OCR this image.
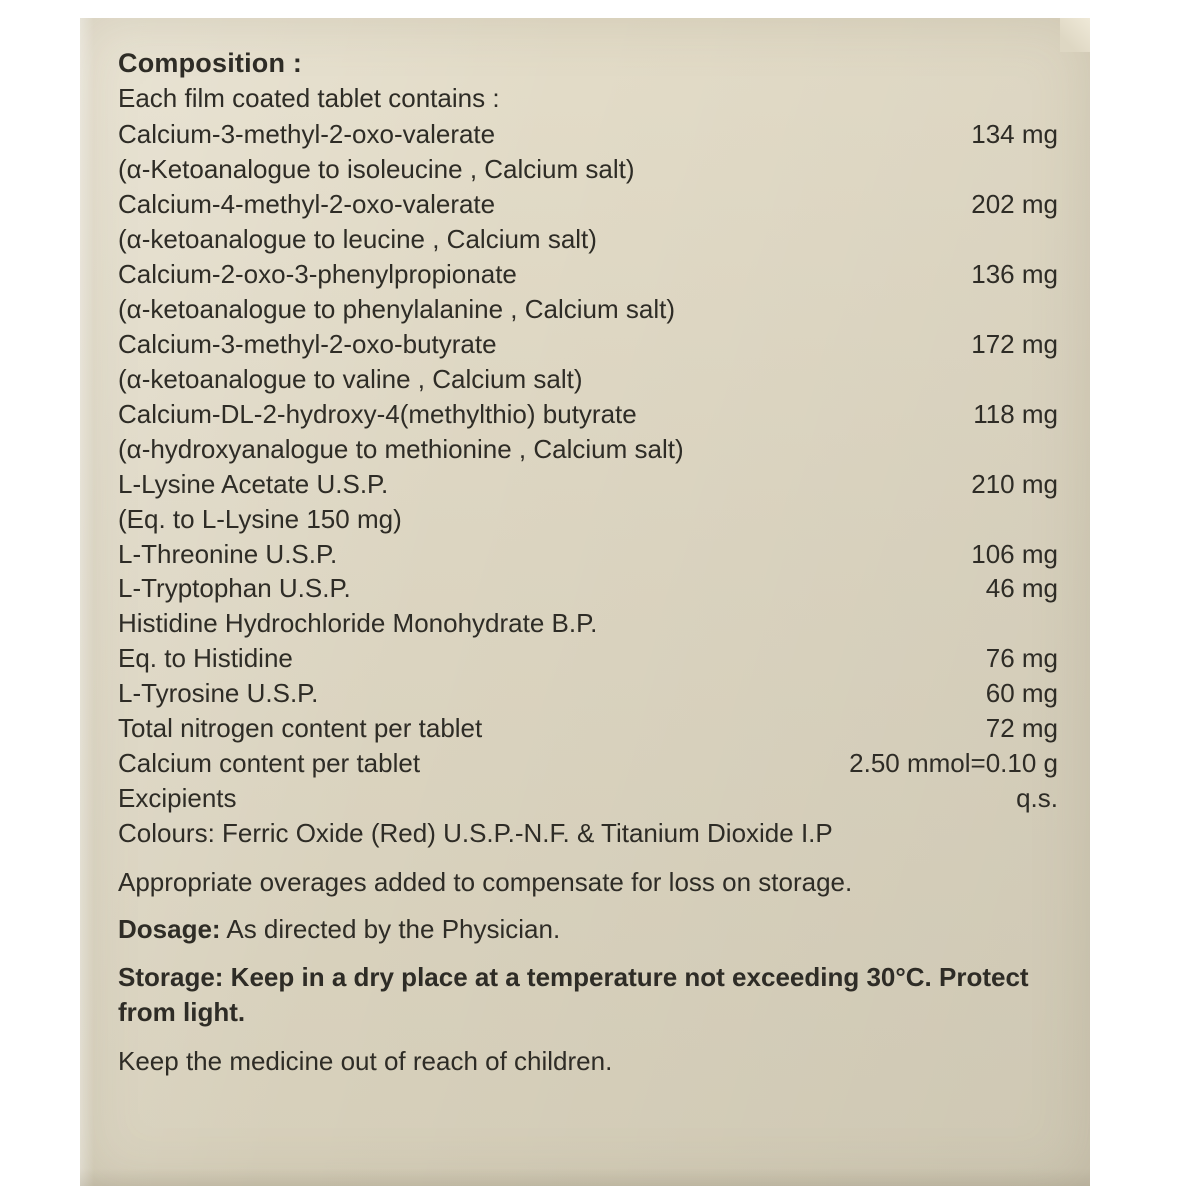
Composition :
Each film coated tablet contains :
Calcium-3-methyl-2-oxo-valerate	134 mg
(α-Ketoanalogue to isoleucine , Calcium salt)	
Calcium-4-methyl-2-oxo-valerate	202 mg
(α-ketoanalogue to leucine , Calcium salt)	
Calcium-2-oxo-3-phenylpropionate	136 mg
(α-ketoanalogue to phenylalanine , Calcium salt)	
Calcium-3-methyl-2-oxo-butyrate	172 mg
(α-ketoanalogue to valine , Calcium salt)	
Calcium-DL-2-hydroxy-4(methylthio) butyrate	118 mg
(α-hydroxyanalogue to methionine , Calcium salt)	
L-Lysine Acetate U.S.P.	210 mg
(Eq. to L-Lysine 150 mg)	
L-Threonine U.S.P.	106 mg
L-Tryptophan U.S.P.	46 mg
Histidine Hydrochloride Monohydrate B.P.	
Eq. to Histidine	76 mg
L-Tyrosine U.S.P.	60 mg
Total nitrogen content per tablet	72 mg
Calcium content per tablet	2.50 mmol=0.10 g
Excipients	q.s.
Colours: Ferric Oxide (Red) U.S.P.-N.F. & Titanium Dioxide I.P	
Appropriate overages added to compensate for loss on storage.
Dosage: As directed by the Physician.
Storage: Keep in a dry place at a temperature not exceeding 30°C. Protect from light.
Keep the medicine out of reach of children.
